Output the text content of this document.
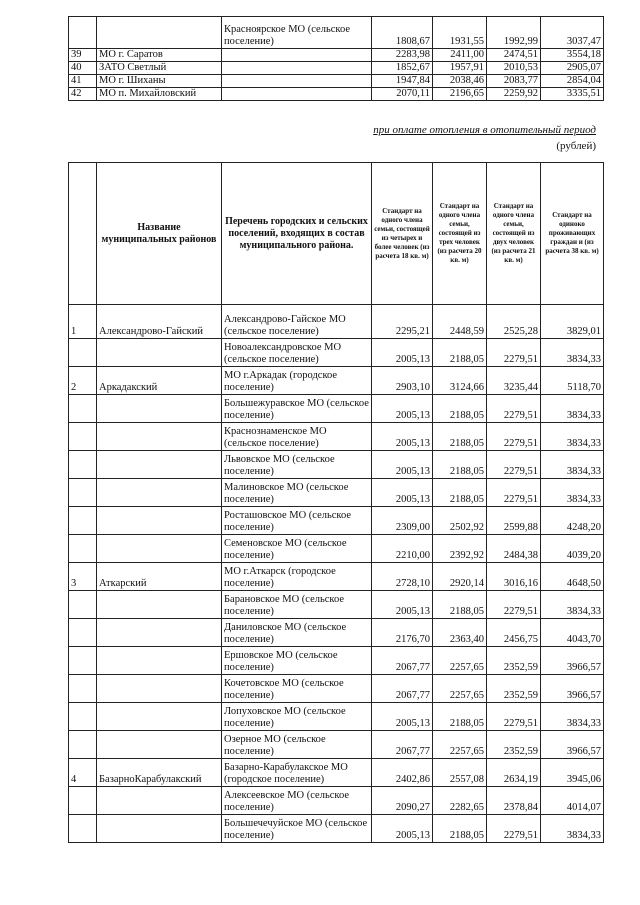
		Красноярское МО (сельское поселение)	1808,67	1931,55	1992,99	3037,47
39	МО г. Саратов		2283,98	2411,00	2474,51	3554,18
40	ЗАТО Светлый		1852,67	1957,91	2010,53	2905,07
41	МО г. Шиханы		1947,84	2038,46	2083,77	2854,04
42	МО п. Михайловский		2070,11	2196,65	2259,92	3335,51
при оплате отопления в отопительный период
(рублей)
	Название муниципальных районов	Перечень городских и сельских поселений, входящих в состав муниципального района.	Стандарт на одного члена семьи, состоящей из четырех и более человек (из расчета 18 кв. м)	Стандарт на одного члена семьи, состоящей из трех человек (из расчета 20 кв. м)	Стандарт на одного члена семьи, состоящей из двух человек (из расчета 21 кв. м)	Стандарт на одиноко проживающих граждан и (из расчета 38 кв. м)
1	Александрово-Гайский	Александрово-Гайское МО (сельское поселение)	2295,21	2448,59	2525,28	3829,01
		Новоалександровское МО (сельское поселение)	2005,13	2188,05	2279,51	3834,33
2	Аркадакский	МО г.Аркадак (городское поселение)	2903,10	3124,66	3235,44	5118,70
		Большежуравское МО (сельское поселение)	2005,13	2188,05	2279,51	3834,33
		Краснознаменское МО (сельское поселение)	2005,13	2188,05	2279,51	3834,33
		Львовское МО (сельское поселение)	2005,13	2188,05	2279,51	3834,33
		Малиновское МО (сельское поселение)	2005,13	2188,05	2279,51	3834,33
		Росташовское МО (сельское поселение)	2309,00	2502,92	2599,88	4248,20
		Семеновское МО (сельское поселение)	2210,00	2392,92	2484,38	4039,20
3	Аткарский	МО г.Аткарск (городское поселение)	2728,10	2920,14	3016,16	4648,50
		Барановское МО (сельское поселение)	2005,13	2188,05	2279,51	3834,33
		Даниловское МО (сельское поселение)	2176,70	2363,40	2456,75	4043,70
		Ершовское МО (сельское поселение)	2067,77	2257,65	2352,59	3966,57
		Кочетовское МО (сельское поселение)	2067,77	2257,65	2352,59	3966,57
		Лопуховское МО (сельское поселение)	2005,13	2188,05	2279,51	3834,33
		Озерное МО (сельское поселение)	2067,77	2257,65	2352,59	3966,57
4	БазарноКарабулакский	Базарно-Карабулакское МО (городское поселение)	2402,86	2557,08	2634,19	3945,06
		Алексеевское МО (сельское поселение)	2090,27	2282,65	2378,84	4014,07
		Большечечуйское МО (сельское поселение)	2005,13	2188,05	2279,51	3834,33
